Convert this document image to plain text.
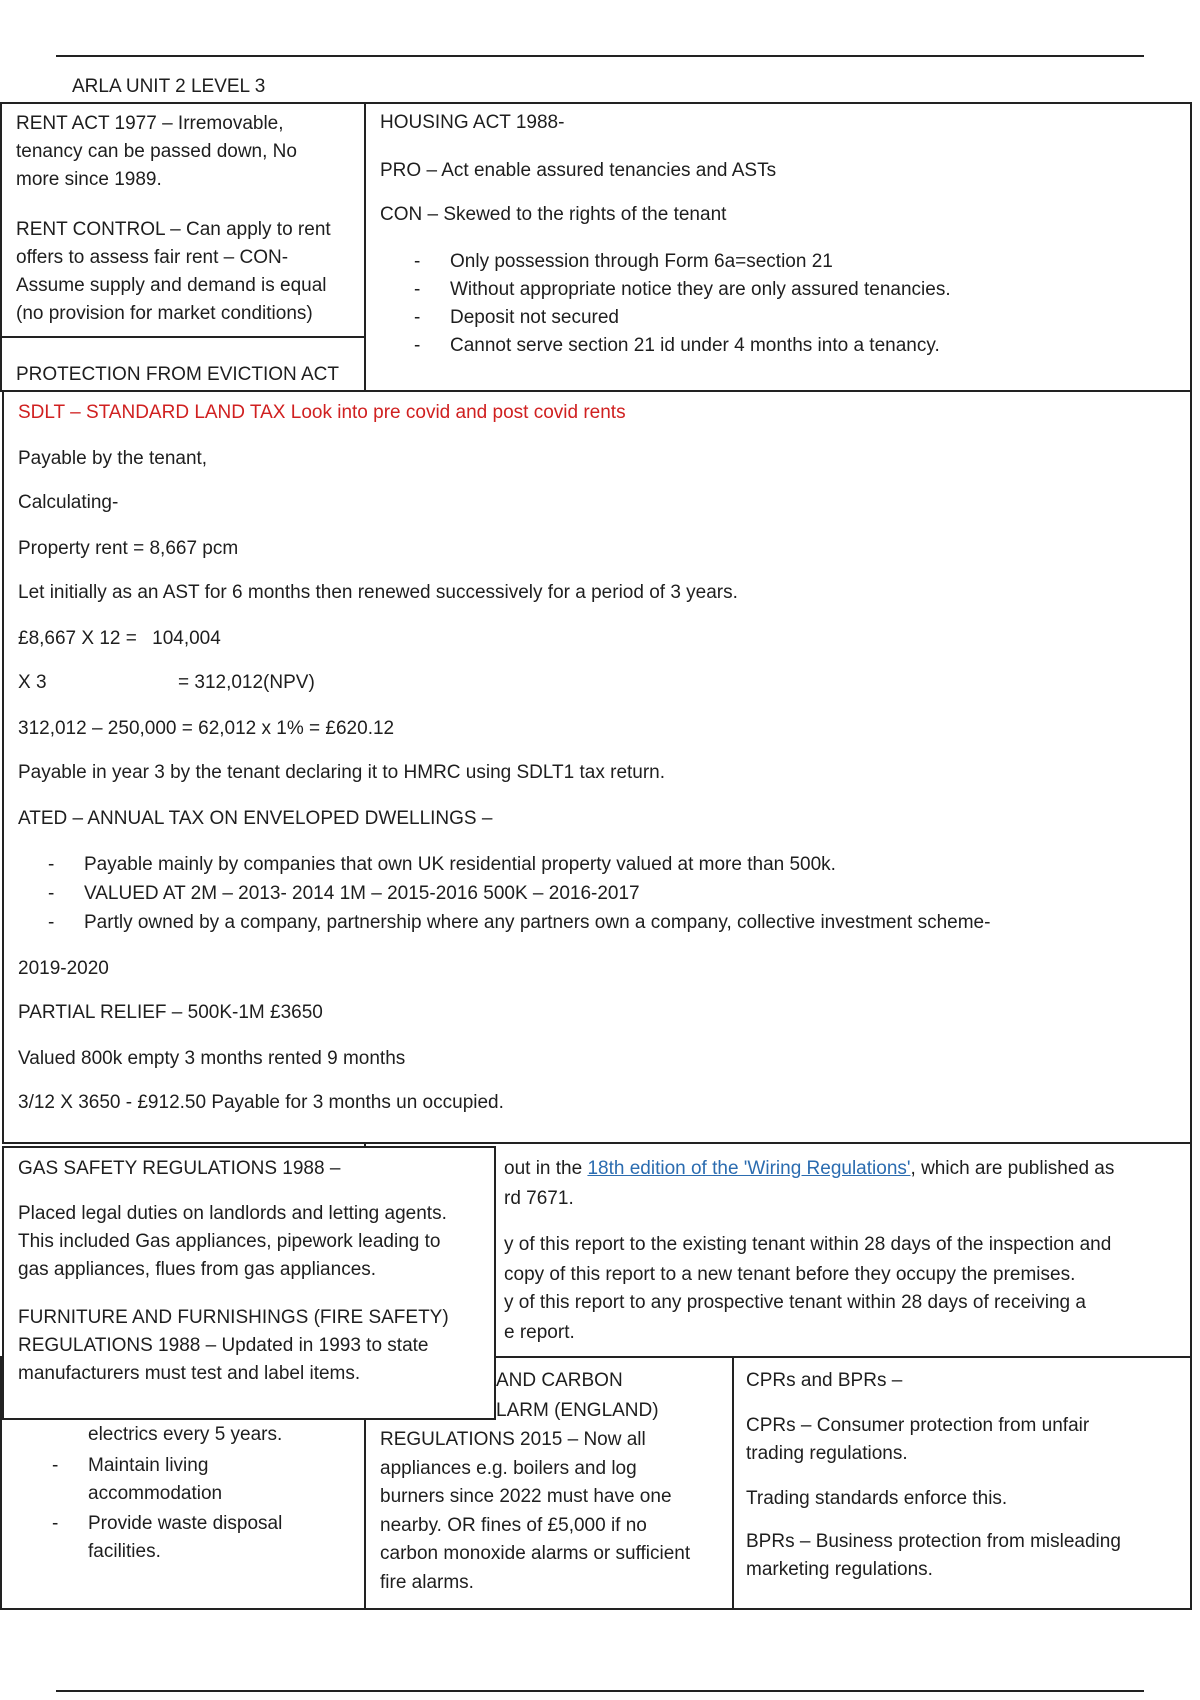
ARLA UNIT 2 LEVEL 3
RENT ACT 1977 – Irremovable,
tenancy can be passed down, No
more since 1989.
RENT CONTROL – Can apply to rent
offers to assess fair rent – CON-
Assume supply and demand is equal
(no provision for market conditions)
HOUSING ACT 1988-
PRO – Act enable assured tenancies and ASTs
CON – Skewed to the rights of the tenant
- Only possession through Form 6a=section 21
- Without appropriate notice they are only assured tenancies.
- Deposit not secured
- Cannot serve section 21 id under 4 months into a tenancy.
PROTECTION FROM EVICTION ACT
out in the 18th edition of the 'Wiring Regulations', which are published as
rd 7671.
y of this report to the existing tenant within 28 days of the inspection and
copy of this report to a new tenant before they occupy the premises.
y of this report to any prospective tenant within 28 days of receiving a
e report.
electrics every 5 years.
- Maintain living
accommodation
- Provide waste disposal
facilities.
AND CARBON
LARM (ENGLAND)
REGULATIONS 2015 – Now all
appliances e.g. boilers and log
burners since 2022 must have one
nearby. OR fines of £5,000 if no
carbon monoxide alarms or sufficient
fire alarms.
CPRs and BPRs –
CPRs – Consumer protection from unfair
trading regulations.
Trading standards enforce this.
BPRs – Business protection from misleading
marketing regulations.
SDLT – STANDARD LAND TAX Look into pre covid and post covid rents
Payable by the tenant,
Calculating-
Property rent = 8,667 pcm
Let initially as an AST for 6 months then renewed successively for a period of 3 years.
£8,667 X 12 = 104,004
X 3	= 312,012(NPV)
312,012 – 250,000 = 62,012 x 1% = £620.12
Payable in year 3 by the tenant declaring it to HMRC using SDLT1 tax return.
ATED – ANNUAL TAX ON ENVELOPED DWELLINGS –
- Payable mainly by companies that own UK residential property valued at more than 500k.
- VALUED AT 2M – 2013- 2014 1M – 2015-2016 500K – 2016-2017
- Partly owned by a company, partnership where any partners own a company, collective investment scheme-
2019-2020
PARTIAL RELIEF – 500K-1M £3650
Valued 800k empty 3 months rented 9 months
3/12 X 3650 - £912.50 Payable for 3 months un occupied.
GAS SAFETY REGULATIONS 1988 –
Placed legal duties on landlords and letting agents.
This included Gas appliances, pipework leading to
gas appliances, flues from gas appliances.
FURNITURE AND FURNISHINGS (FIRE SAFETY)
REGULATIONS 1988 – Updated in 1993 to state
manufacturers must test and label items.
